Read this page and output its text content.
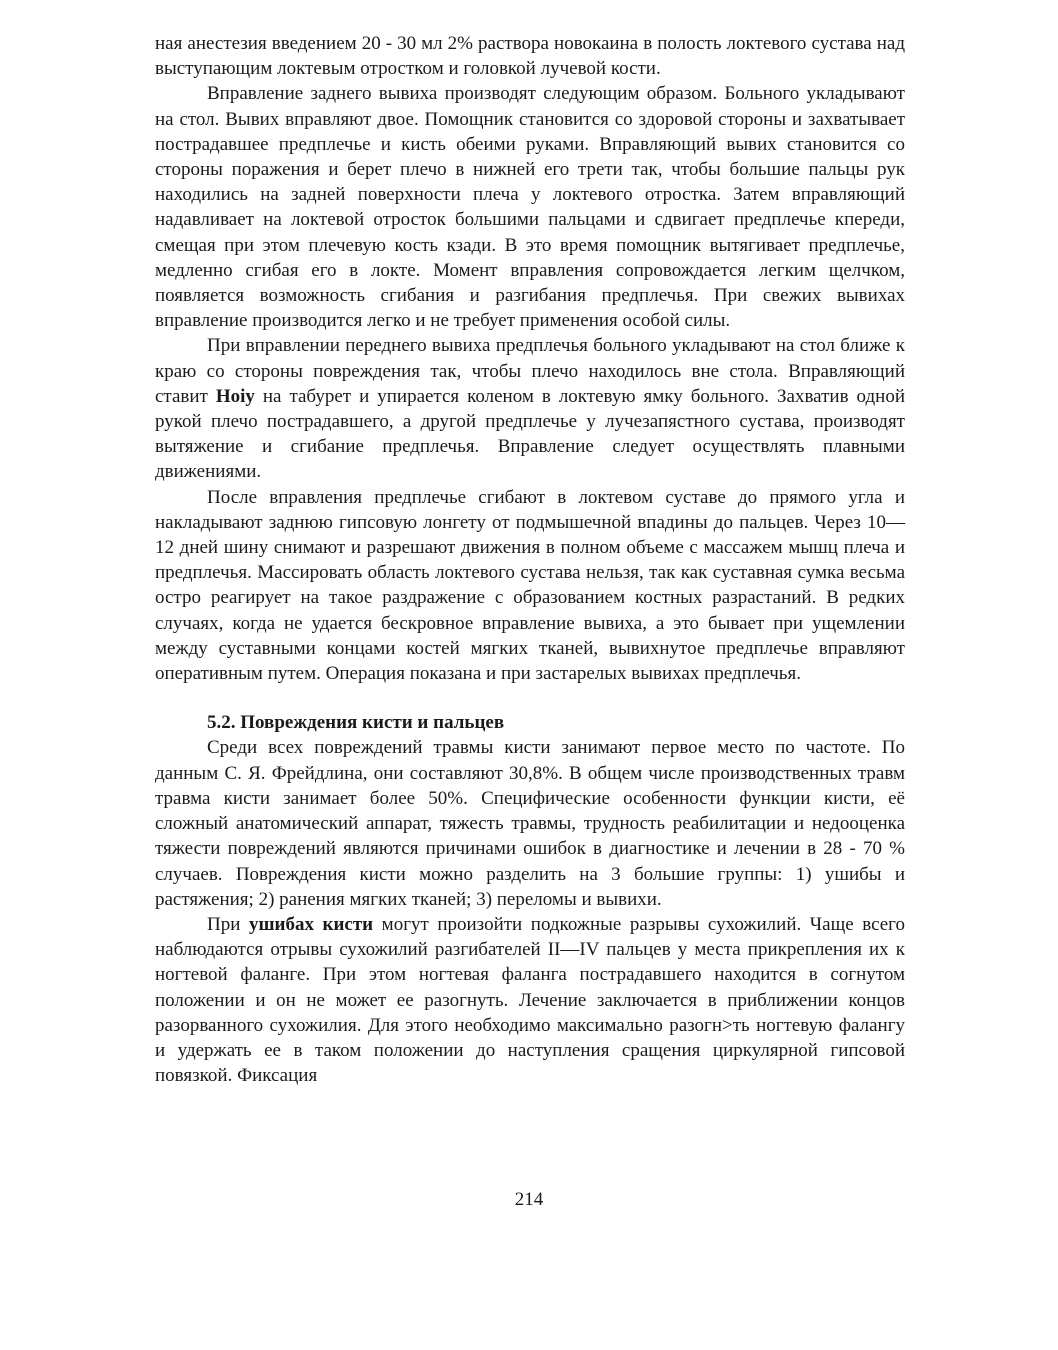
ная анестезия введением 20 - 30 мл 2% раствора новокаина в полость локтевого сустава над выступающим локтевым отростком и головкой лучевой кости.

Вправление заднего вывиха производят следующим образом. Больного укладывают на стол. Вывих вправляют двое. Помощник становится со здоровой стороны и захватывает пострадавшее предплечье и кисть обеими руками. Вправляющий вывих становится со стороны поражения и берет плечо в нижней его трети так, чтобы большие пальцы рук находились на задней поверхности плеча у локтевого отростка. Затем вправляющий надавливает на локтевой отросток большими пальцами и сдвигает предплечье кпереди, смещая при этом плечевую кость кзади. В это время помощник вытягивает предплечье, медленно сгибая его в локте. Момент вправления сопровождается легким щелчком, появляется возможность сгибания и разгибания предплечья. При свежих вывихах вправление производится легко и не требует применения особой силы.

При вправлении переднего вывиха предплечья больного укладывают на стол ближе к краю со стороны повреждения так, чтобы плечо находилось вне стола. Вправляющий ставит Hoiy на табурет и упирается коленом в локтевую ямку больного. Захватив одной рукой плечо пострадавшего, а другой предплечье у лучезапястного сустава, производят вытяжение и сгибание предплечья. Вправление следует осуществлять плавными движениями.

После вправления предплечье сгибают в локтевом суставе до прямого угла и накладывают заднюю гипсовую лонгету от подмышечной впадины до пальцев. Через 10—12 дней шину снимают и разрешают движения в полном объеме с массажем мышц плеча и предплечья. Массировать область локтевого сустава нельзя, так как суставная сумка весьма остро реагирует на такое раздражение с образованием костных разрастаний. В редких случаях, когда не удается бескровное вправление вывиха, а это бывает при ущемлении между суставными концами костей мягких тканей, вывихнутое предплечье вправляют оперативным путем. Операция показана и при застарелых вывихах предплечья.

5.2. Повреждения кисти и пальцев

Среди всех повреждений травмы кисти занимают первое место по частоте. По данным С. Я. Фрейдлина, они составляют 30,8%. В общем числе производственных травм травма кисти занимает более 50%. Специфические особенности функции кисти, её сложный анатомический аппарат, тяжесть травмы, трудность реабилитации и недооценка тяжести повреждений являются причинами ошибок в диагностике и лечении в 28 - 70 % случаев. Повреждения кисти можно разделить на 3 большие группы: 1) ушибы и растяжения; 2) ранения мягких тканей; 3) переломы и вывихи.

При ушибах кисти могут произойти подкожные разрывы сухожилий. Чаще всего наблюдаются отрывы сухожилий разгибателей II—IV пальцев у места прикрепления их к ногтевой фаланге. При этом ногтевая фаланга пострадавшего находится в согнутом положении и он не может ее разогнуть. Лечение заключается в приближении концов разорванного сухожилия. Для этого необходимо максимально разогн>ть ногтевую фалангу и удержать ее в таком положении до наступления сращения циркулярной гипсовой повязкой. Фиксация

214
